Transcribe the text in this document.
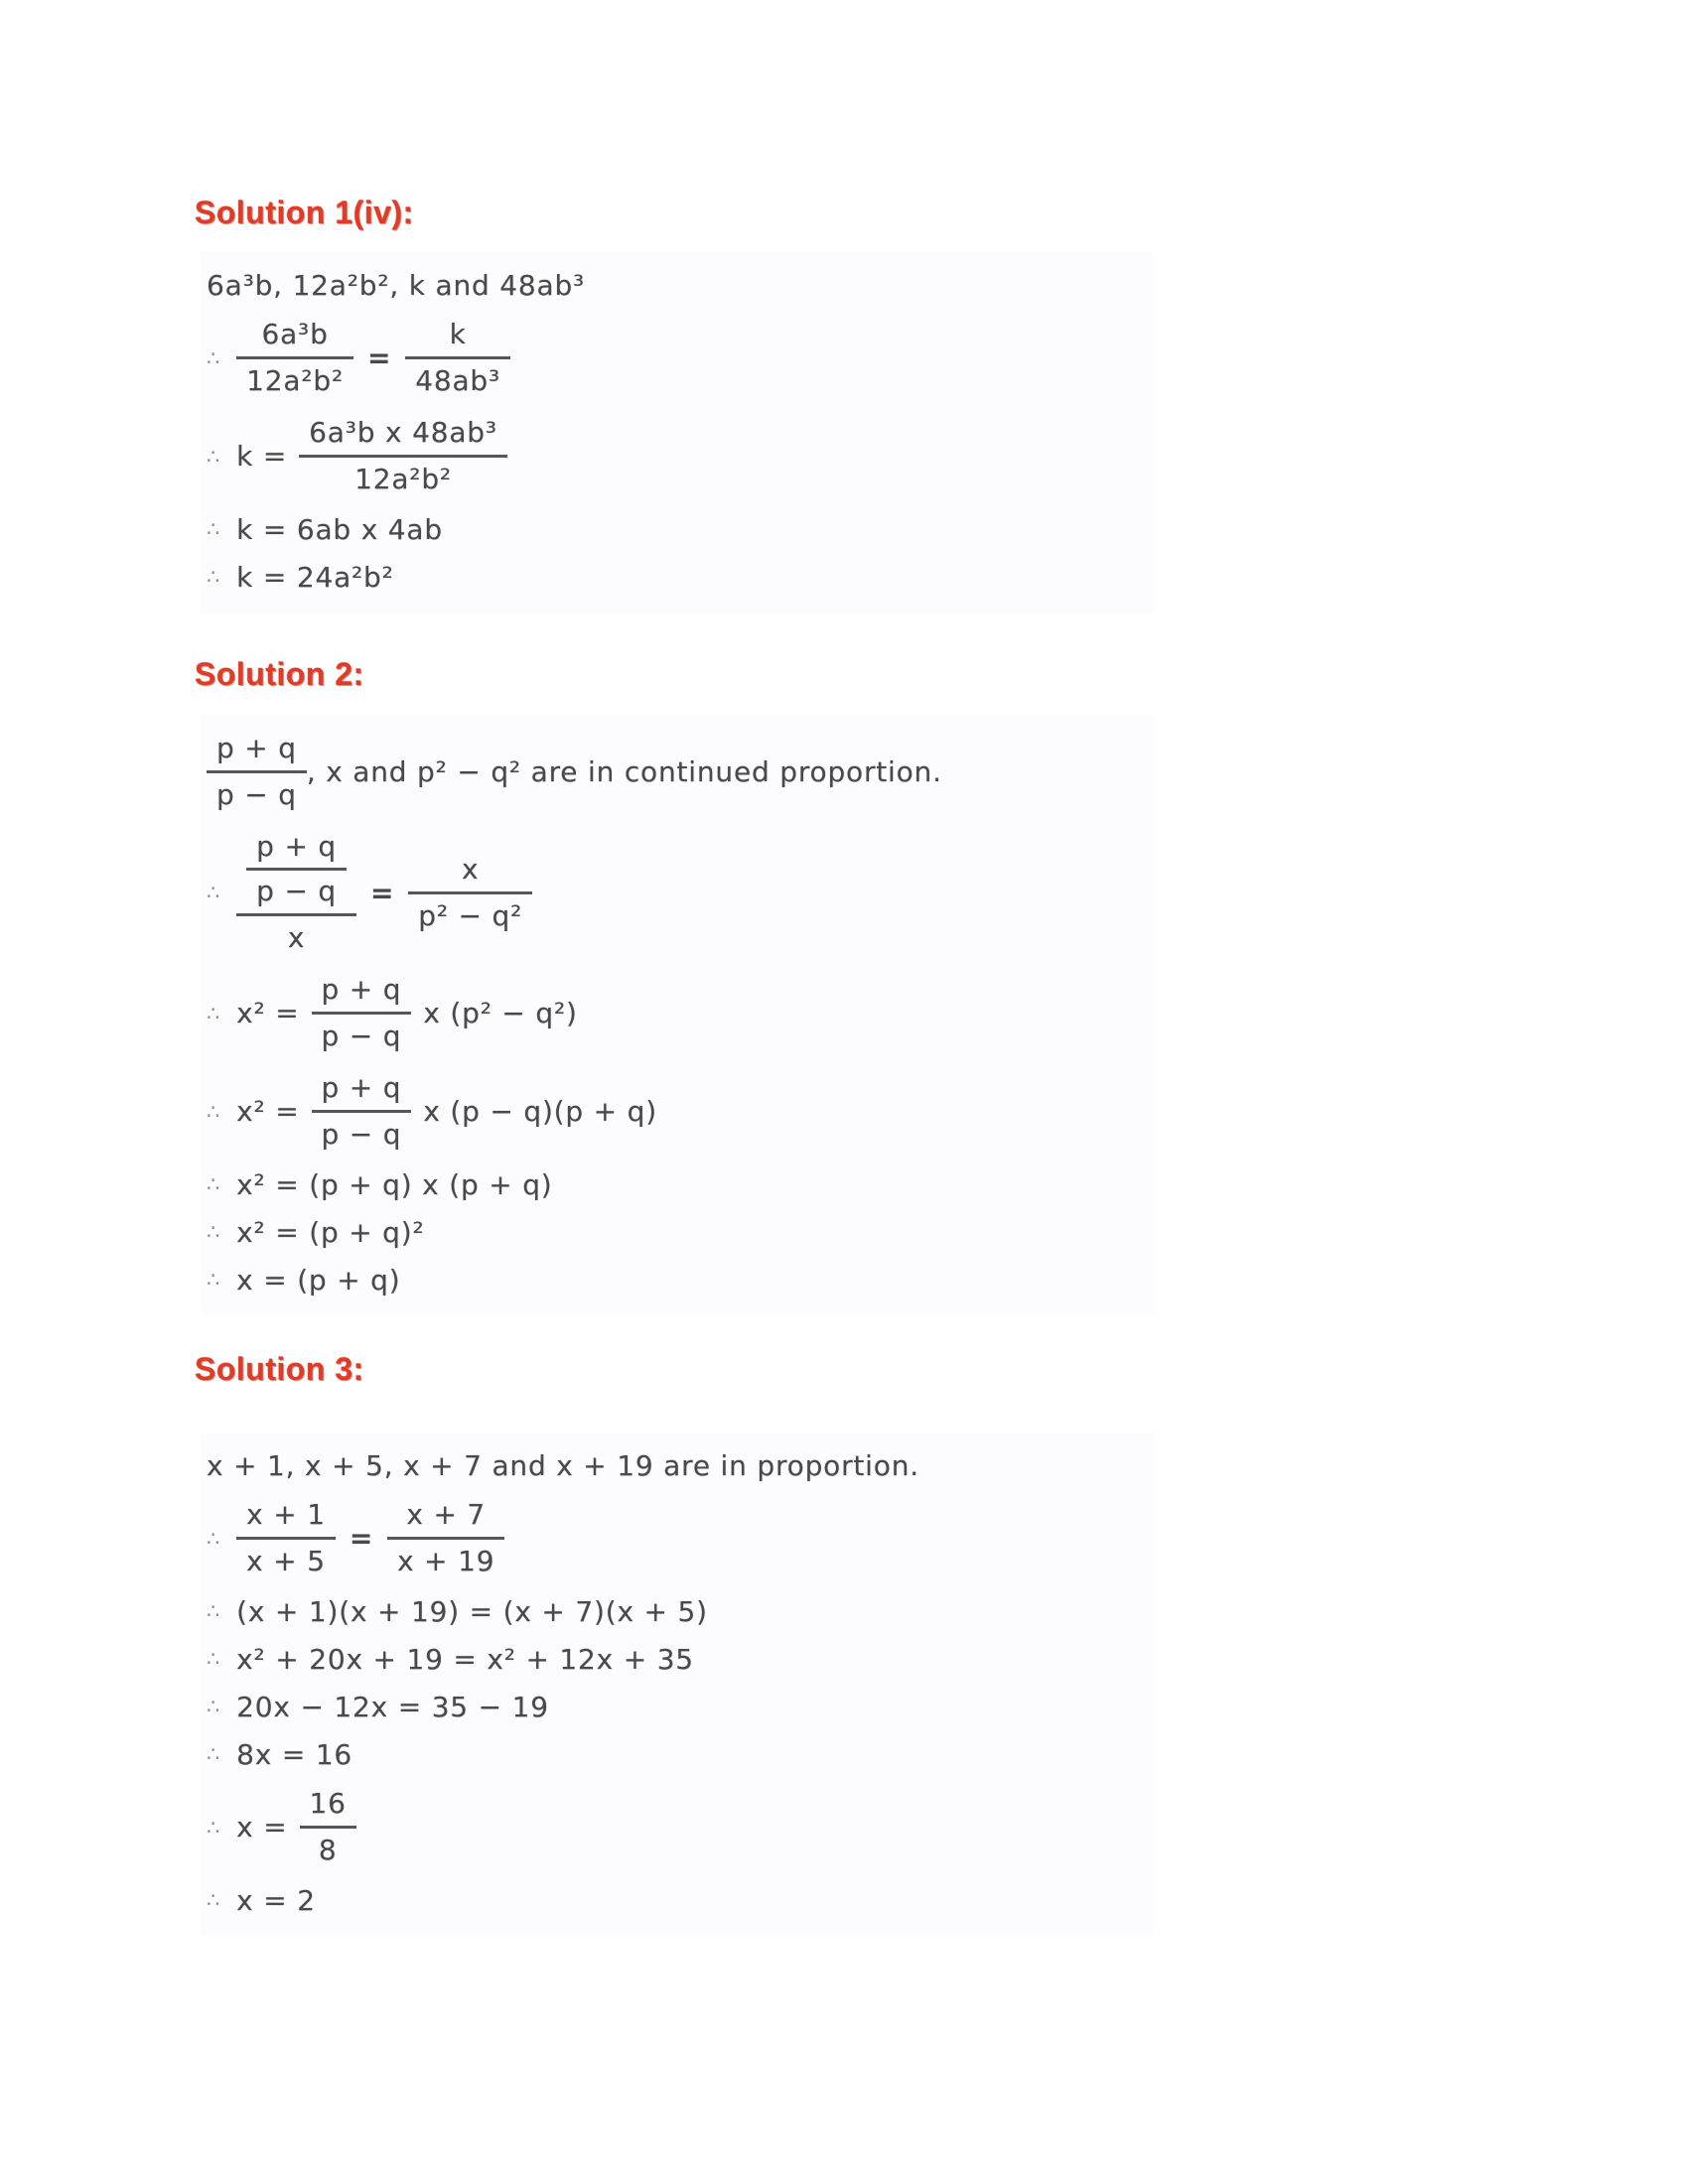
Solution 1(iv):
6a³b, 12a²b², k and 48ab³
∴ $\frac{\text{6a³b}}{\text{12a²b²}} = \frac{k}{\text{48ab³}}$
∴ $k = \frac{\text{6a³b x 48ab³}}{\text{12a²b²}}$
∴ k = 6ab x 4ab
∴ k = 24a²b²
Solution 2:
$\frac{p + q}{p - q}$ , x and p² − q² are in continued proportion.
∴ $\frac{\frac{p + q}{p - q}}{x} = \frac{x}{\text{p² − q²}}$
∴ $x^2 = \frac{p + q}{p - q}$ x (p² − q²)
∴ $x^2 = \frac{p + q}{p - q}$ x (p − q)(p + q)
∴ x² = (p + q) x (p + q)
∴ x² = (p + q)²
∴ x = (p + q)
Solution 3:
x + 1, x + 5, x + 7 and x + 19 are in proportion.
∴ $\frac{x + 1}{x + 5} = \frac{x + 7}{x + 19}$
∴ (x + 1)(x + 19) = (x + 7)(x + 5)
∴ x² + 20x + 19 = x² + 12x + 35
∴ 20x − 12x = 35 − 19
∴ 8x = 16
∴ $x = \frac{16}{8}$
∴ x = 2
